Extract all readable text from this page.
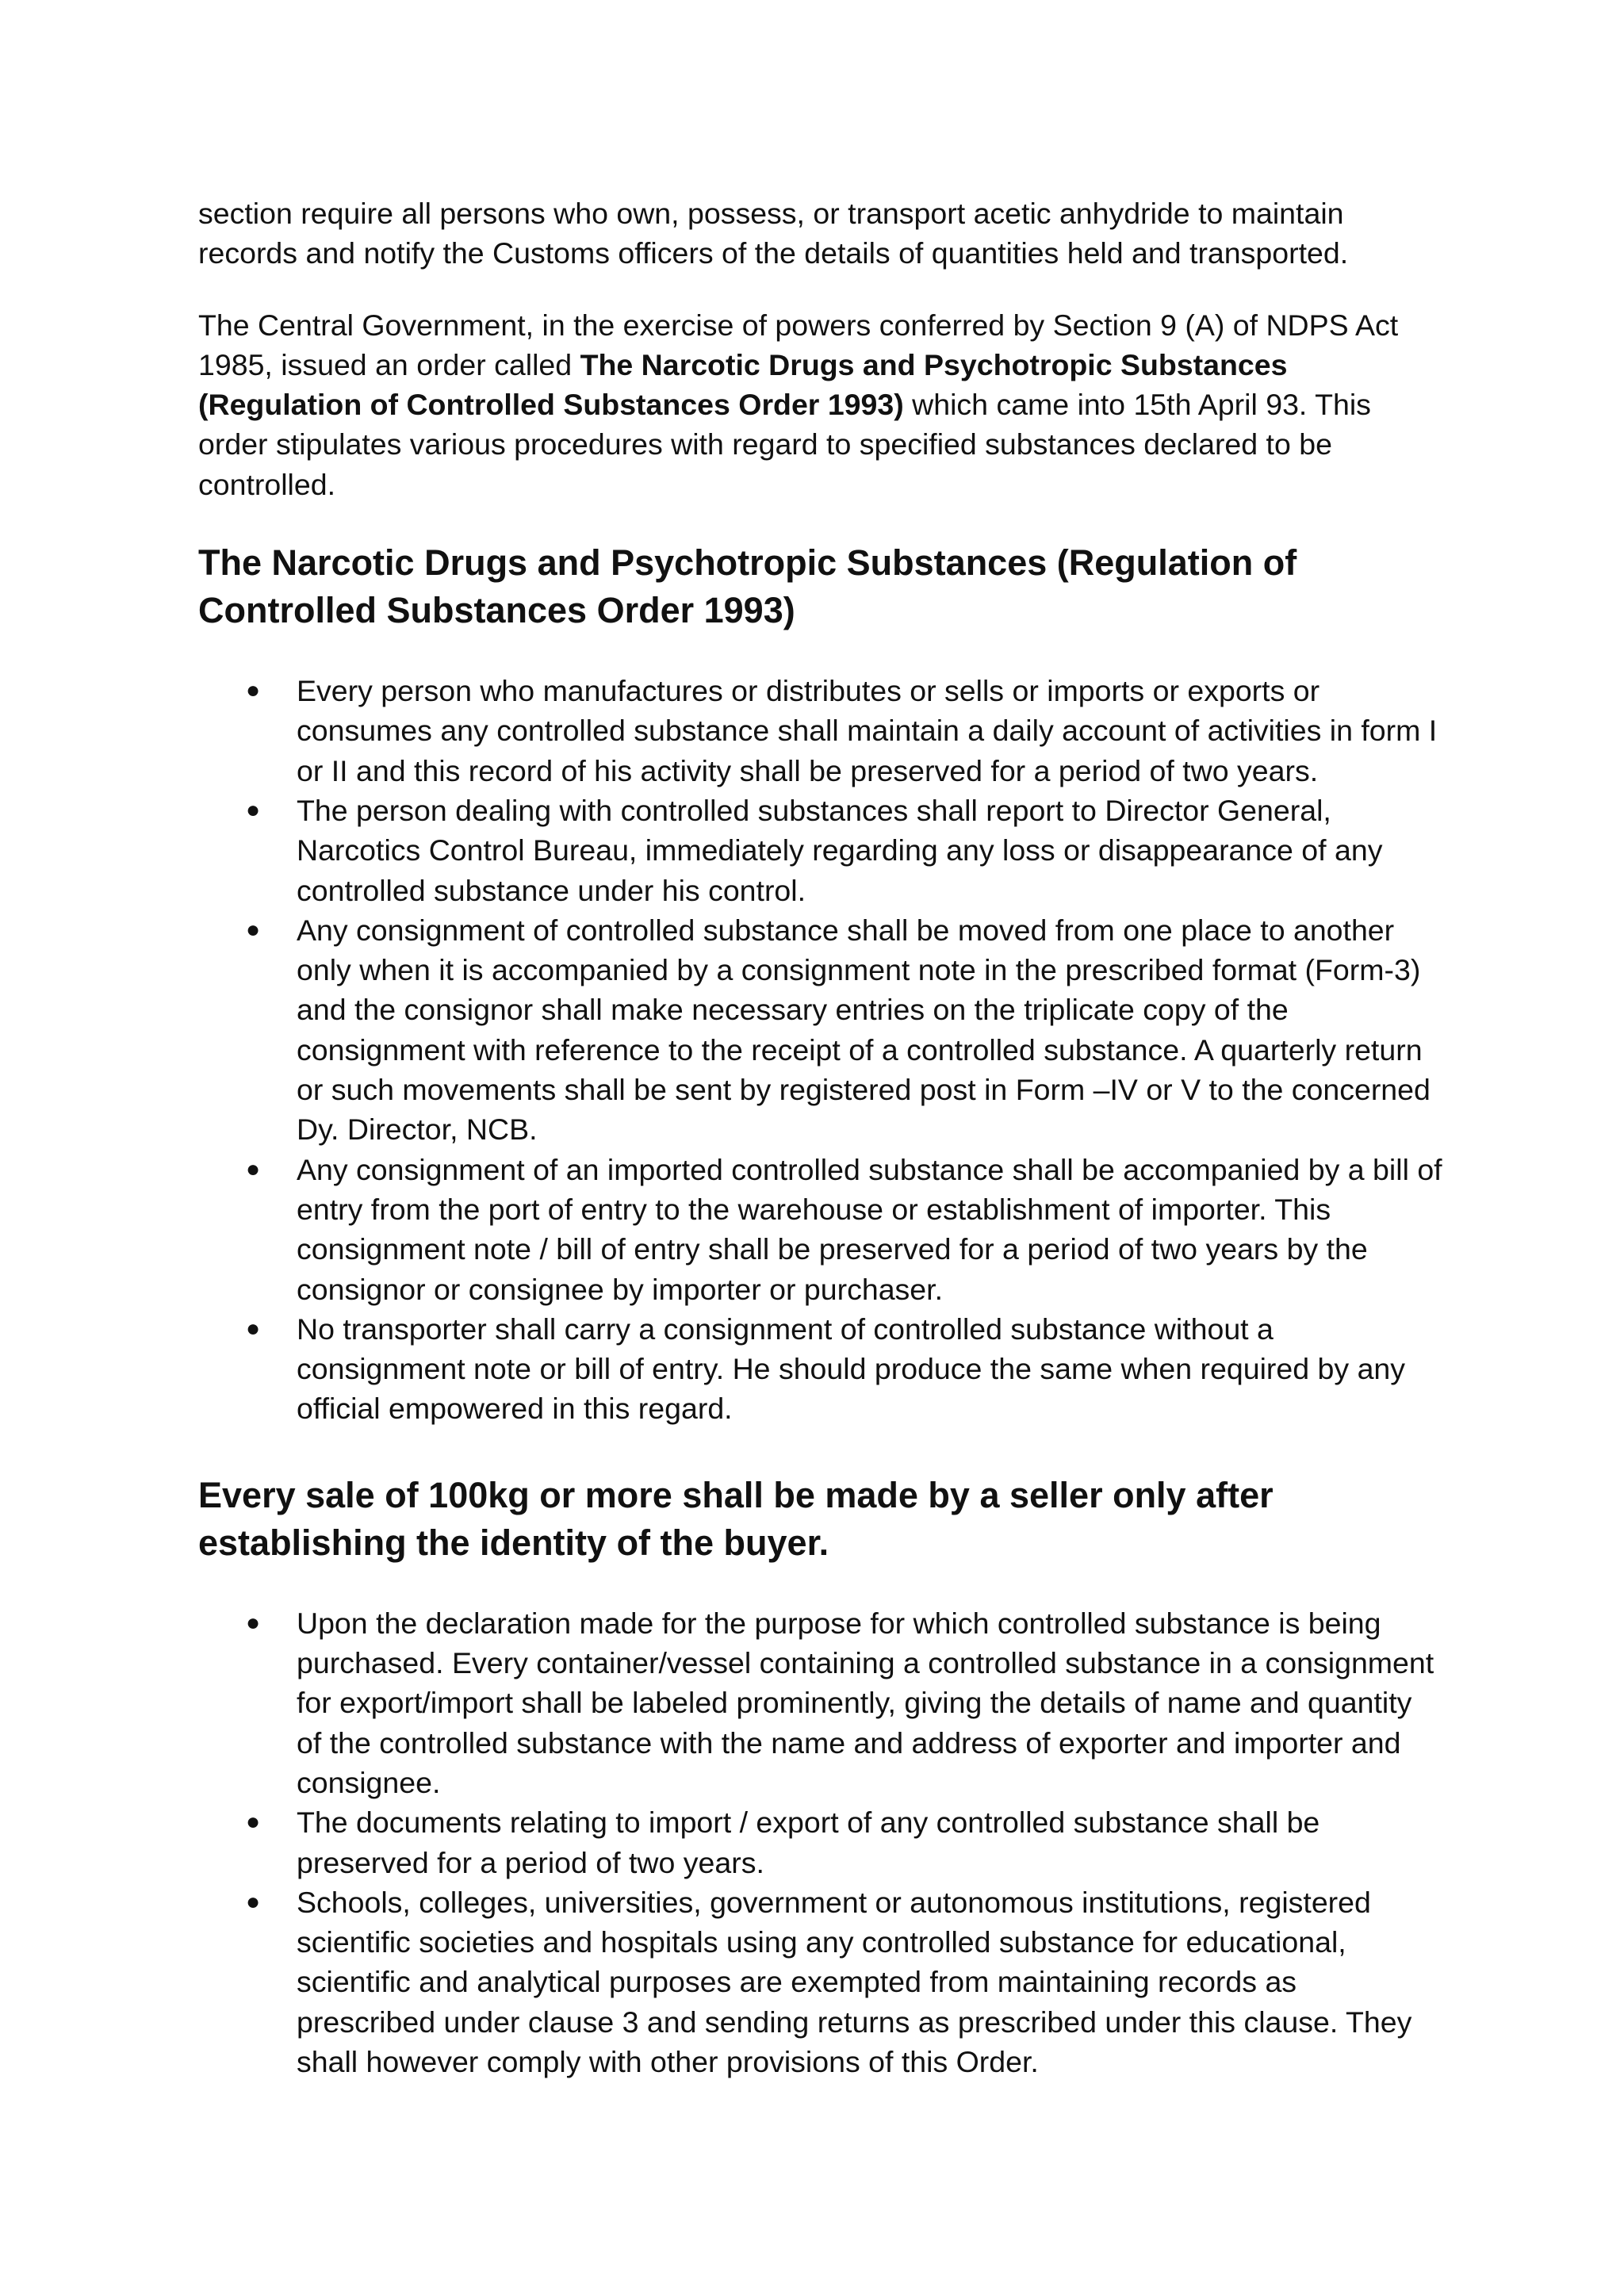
section require all persons who own, possess, or transport acetic anhydride to maintain records and notify the Customs officers of the details of quantities held and transported.

The Central Government, in the exercise of powers conferred by Section 9 (A) of NDPS Act 1985, issued an order called The Narcotic Drugs and Psychotropic Substances (Regulation of Controlled Substances Order 1993) which came into 15th April 93. This order stipulates various procedures with regard to specified substances declared to be controlled.

The Narcotic Drugs and Psychotropic Substances (Regulation of Controlled Substances Order 1993)
● Every person who manufactures or distributes or sells or imports or exports or consumes any controlled substance shall maintain a daily account of activities in form I or II and this record of his activity shall be preserved for a period of two years.
● The person dealing with controlled substances shall report to Director General, Narcotics Control Bureau, immediately regarding any loss or disappearance of any controlled substance under his control.
● Any consignment of controlled substance shall be moved from one place to another only when it is accompanied by a consignment note in the prescribed format (Form-3) and the consignor shall make necessary entries on the triplicate copy of the consignment with reference to the receipt of a controlled substance. A quarterly return or such movements shall be sent by registered post in Form –IV or V to the concerned Dy. Director, NCB.
● Any consignment of an imported controlled substance shall be accompanied by a bill of entry from the port of entry to the warehouse or establishment of importer. This consignment note / bill of entry shall be preserved for a period of two years by the consignor or consignee by importer or purchaser.
● No transporter shall carry a consignment of controlled substance without a consignment note or bill of entry. He should produce the same when required by any official empowered in this regard.
Every sale of 100kg or more shall be made by a seller only after establishing the identity of the buyer.
● Upon the declaration made for the purpose for which controlled substance is being purchased. Every container/vessel containing a controlled substance in a consignment for export/import shall be labeled prominently, giving the details of name and quantity of the controlled substance with the name and address of exporter and importer and consignee.
● The documents relating to import / export of any controlled substance shall be preserved for a period of two years.
● Schools, colleges, universities, government or autonomous institutions, registered scientific societies and hospitals using any controlled substance for educational, scientific and analytical purposes are exempted from maintaining records as prescribed under clause 3 and sending returns as prescribed under this clause. They shall however comply with other provisions of this Order.
